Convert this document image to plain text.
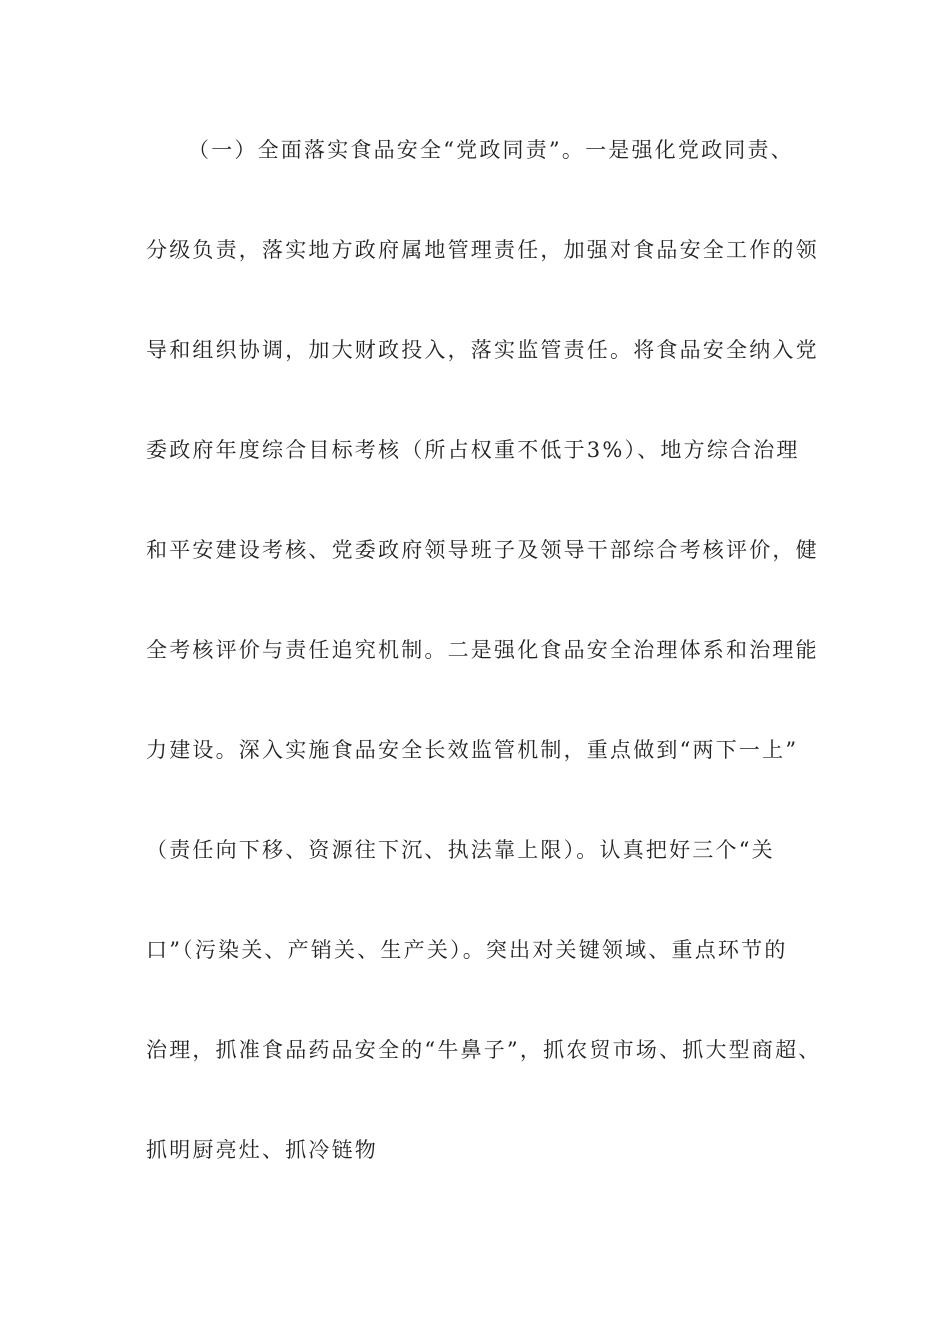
（一）全面落实食品安全“党政同责”。一是强化党政同责、

分级负责，落实地方政府属地管理责任，加强对食品安全工作的领

导和组织协调，加大财政投入，落实监管责任。将食品安全纳入党

委政府年度综合目标考核（所占权重不低于3%）、地方综合治理

和平安建设考核、党委政府领导班子及领导干部综合考核评价，健

全考核评价与责任追究机制。二是强化食品安全治理体系和治理能

力建设。深入实施食品安全长效监管机制，重点做到“两下一上”

（责任向下移、资源往下沉、执法靠上限）。认真把好三个“关

口”（污染关、产销关、生产关）。突出对关键领域、重点环节的

治理，抓准食品药品安全的“牛鼻子”，抓农贸市场、抓大型商超、

抓明厨亮灶、抓冷链物
